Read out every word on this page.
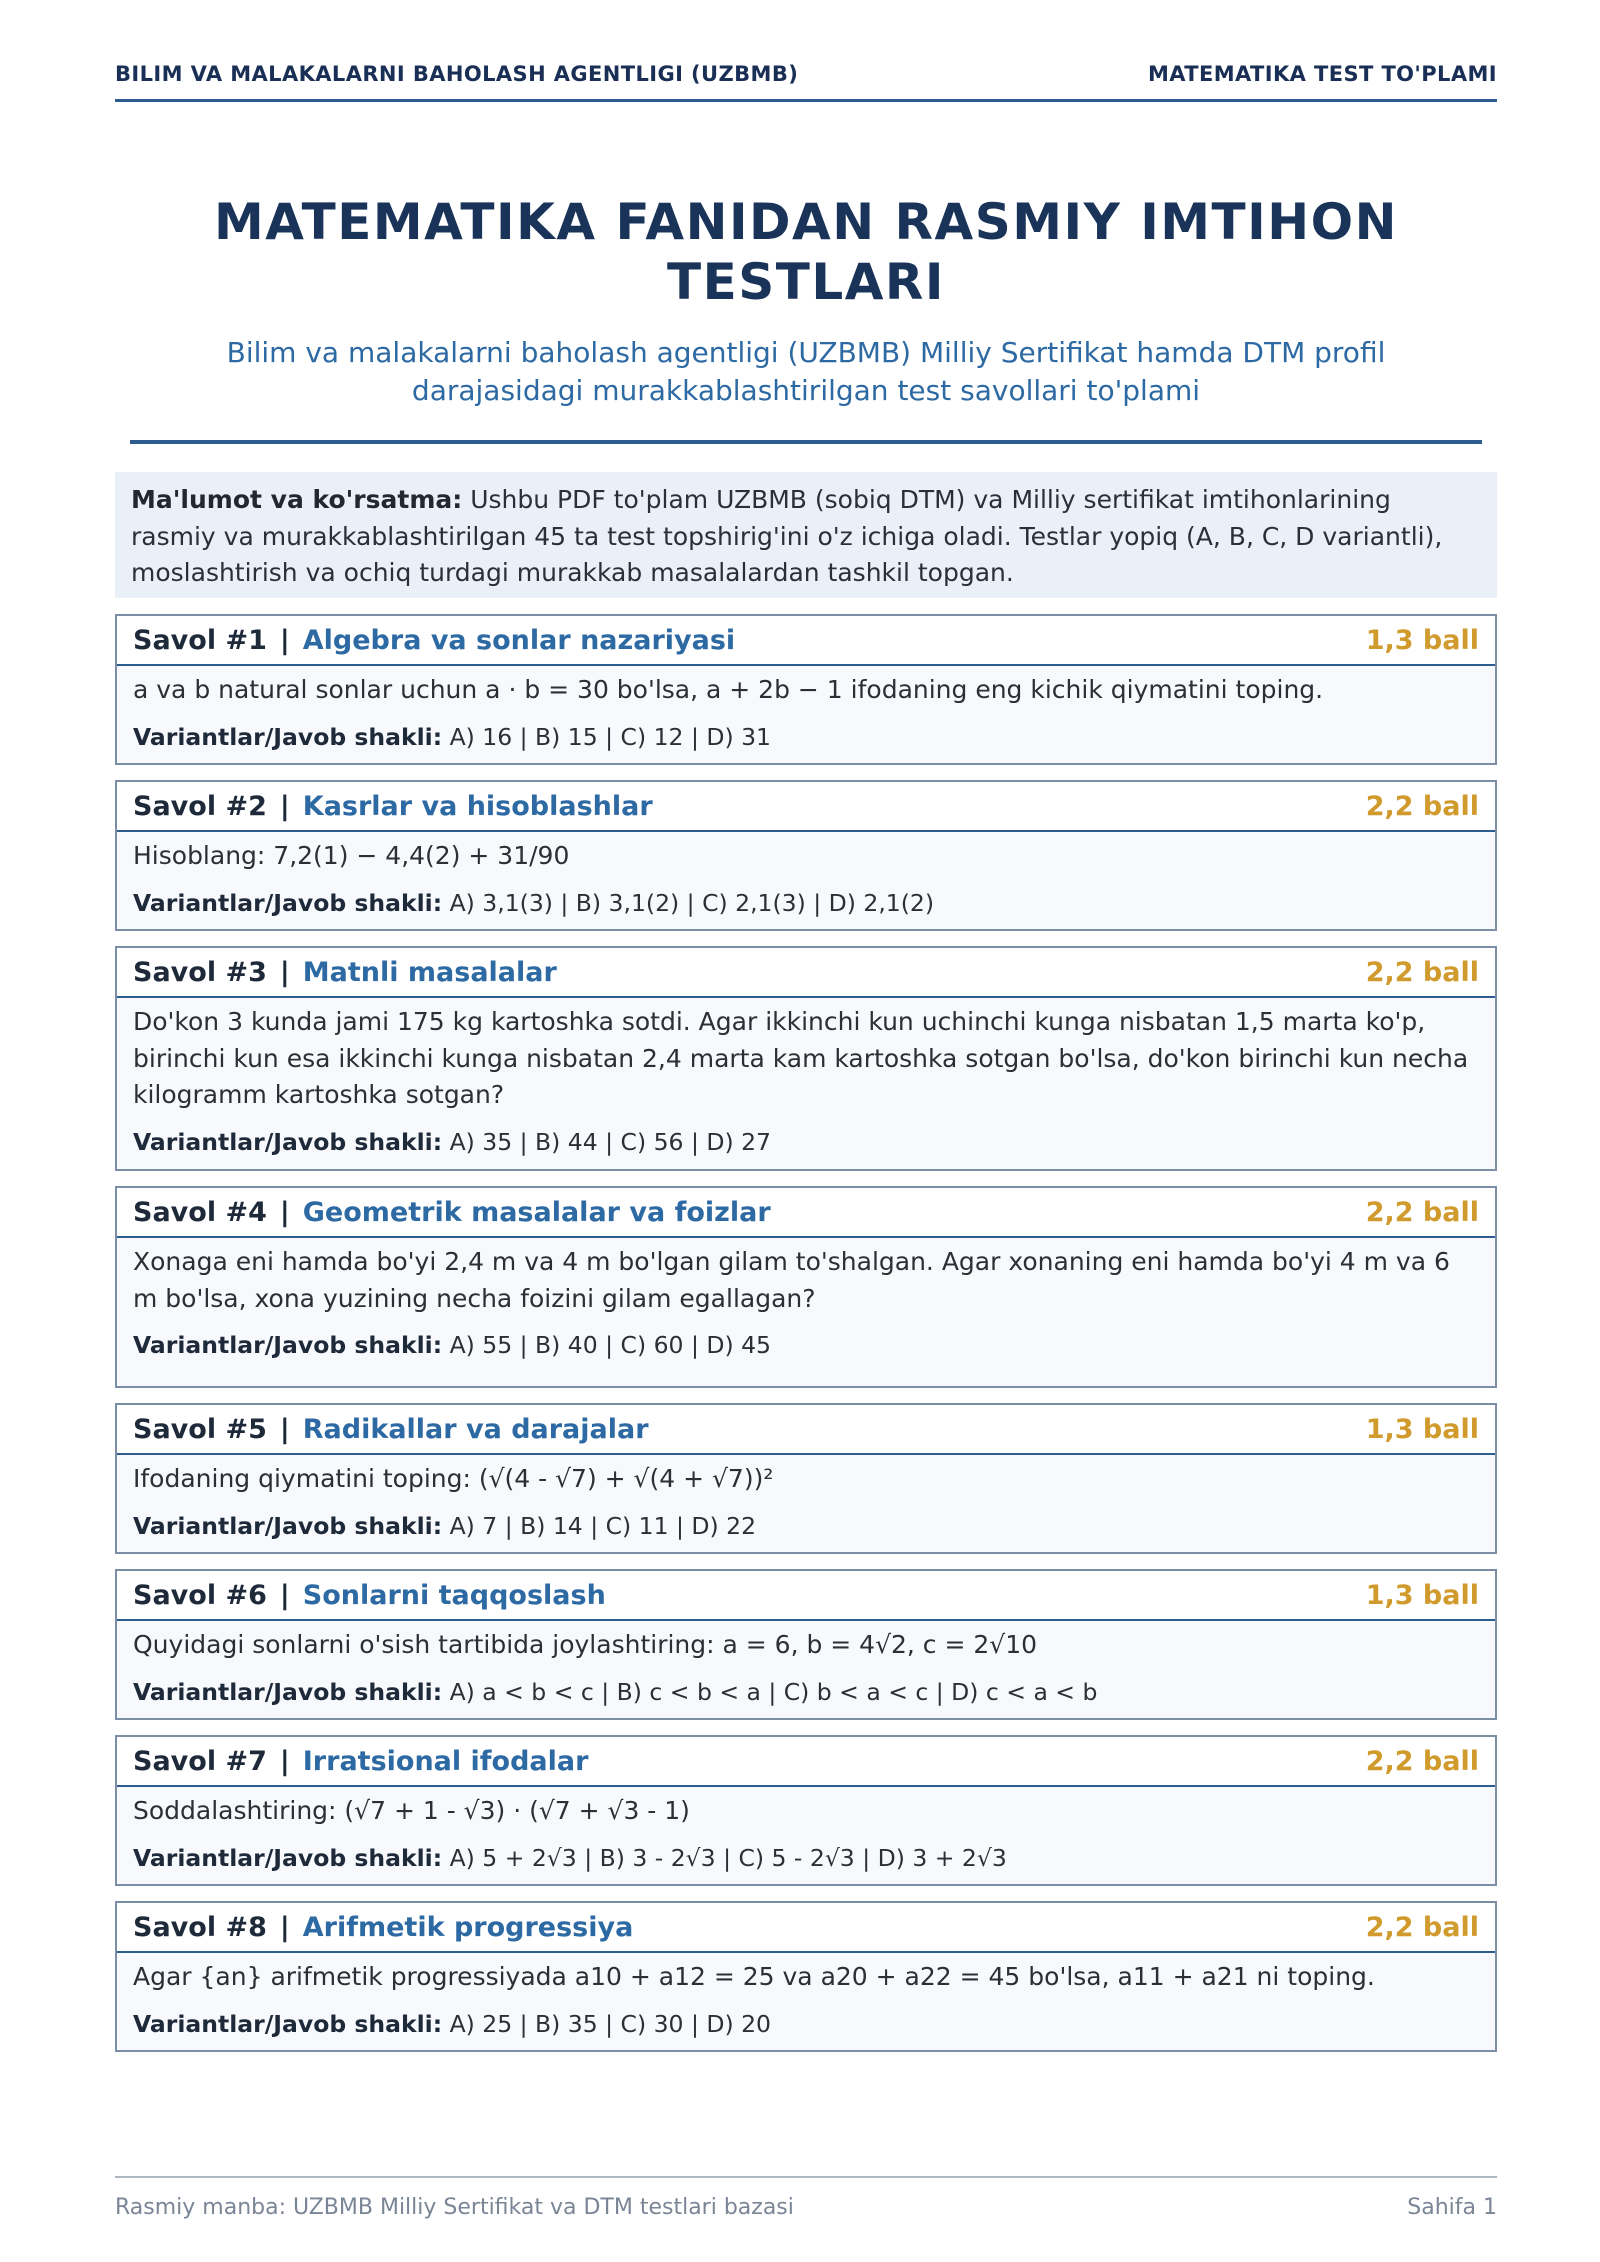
BILIM VA MALAKALARNI BAHOLASH AGENTLIGI (UZBMB)	MATEMATIKA TEST TO'PLAMI
MATEMATIKA FANIDAN RASMIY IMTIHON
TESTLARI
Bilim va malakalarni baholash agentligi (UZBMB) Milliy Sertifikat hamda DTM profil
darajasidagi murakkablashtirilgan test savollari to'plami
Ma'lumot va ko'rsatma: Ushbu PDF to'plam UZBMB (sobiq DTM) va Milliy sertifikat imtihonlarining rasmiy va murakkablashtirilgan 45 ta test topshirig'ini o'z ichiga oladi. Testlar yopiq (A, B, C, D variantli), moslashtirish va ochiq turdagi murakkab masalalardan tashkil topgan.
Savol #1 | Algebra va sonlar nazariyasi	1,3 ball
a va b natural sonlar uchun a · b = 30 bo'lsa, a + 2b − 1 ifodaning eng kichik qiymatini toping.
Variantlar/Javob shakli: A) 16 | B) 15 | C) 12 | D) 31
Savol #2 | Kasrlar va hisoblashlar	2,2 ball
Hisoblang: 7,2(1) − 4,4(2) + 31/90
Variantlar/Javob shakli: A) 3,1(3) | B) 3,1(2) | C) 2,1(3) | D) 2,1(2)
Savol #3 | Matnli masalalar	2,2 ball
Do'kon 3 kunda jami 175 kg kartoshka sotdi. Agar ikkinchi kun uchinchi kunga nisbatan 1,5 marta ko'p, birinchi kun esa ikkinchi kunga nisbatan 2,4 marta kam kartoshka sotgan bo'lsa, do'kon birinchi kun necha kilogramm kartoshka sotgan?
Variantlar/Javob shakli: A) 35 | B) 44 | C) 56 | D) 27
Savol #4 | Geometrik masalalar va foizlar	2,2 ball
Xonaga eni hamda bo'yi 2,4 m va 4 m bo'lgan gilam to'shalgan. Agar xonaning eni hamda bo'yi 4 m va 6 m bo'lsa, xona yuzining necha foizini gilam egallagan?
Variantlar/Javob shakli: A) 55 | B) 40 | C) 60 | D) 45
Savol #5 | Radikallar va darajalar	1,3 ball
Ifodaning qiymatini toping: (√(4 - √7) + √(4 + √7))²
Variantlar/Javob shakli: A) 7 | B) 14 | C) 11 | D) 22
Savol #6 | Sonlarni taqqoslash	1,3 ball
Quyidagi sonlarni o'sish tartibida joylashtiring: a = 6, b = 4√2, c = 2√10
Variantlar/Javob shakli: A) a < b < c | B) c < b < a | C) b < a < c | D) c < a < b
Savol #7 | Irratsional ifodalar	2,2 ball
Soddalashtiring: (√7 + 1 - √3) · (√7 + √3 - 1)
Variantlar/Javob shakli: A) 5 + 2√3 | B) 3 - 2√3 | C) 5 - 2√3 | D) 3 + 2√3
Savol #8 | Arifmetik progressiya	2,2 ball
Agar {an} arifmetik progressiyada a10 + a12 = 25 va a20 + a22 = 45 bo'lsa, a11 + a21 ni toping.
Variantlar/Javob shakli: A) 25 | B) 35 | C) 30 | D) 20
Rasmiy manba: UZBMB Milliy Sertifikat va DTM testlari bazasi	Sahifa 1
